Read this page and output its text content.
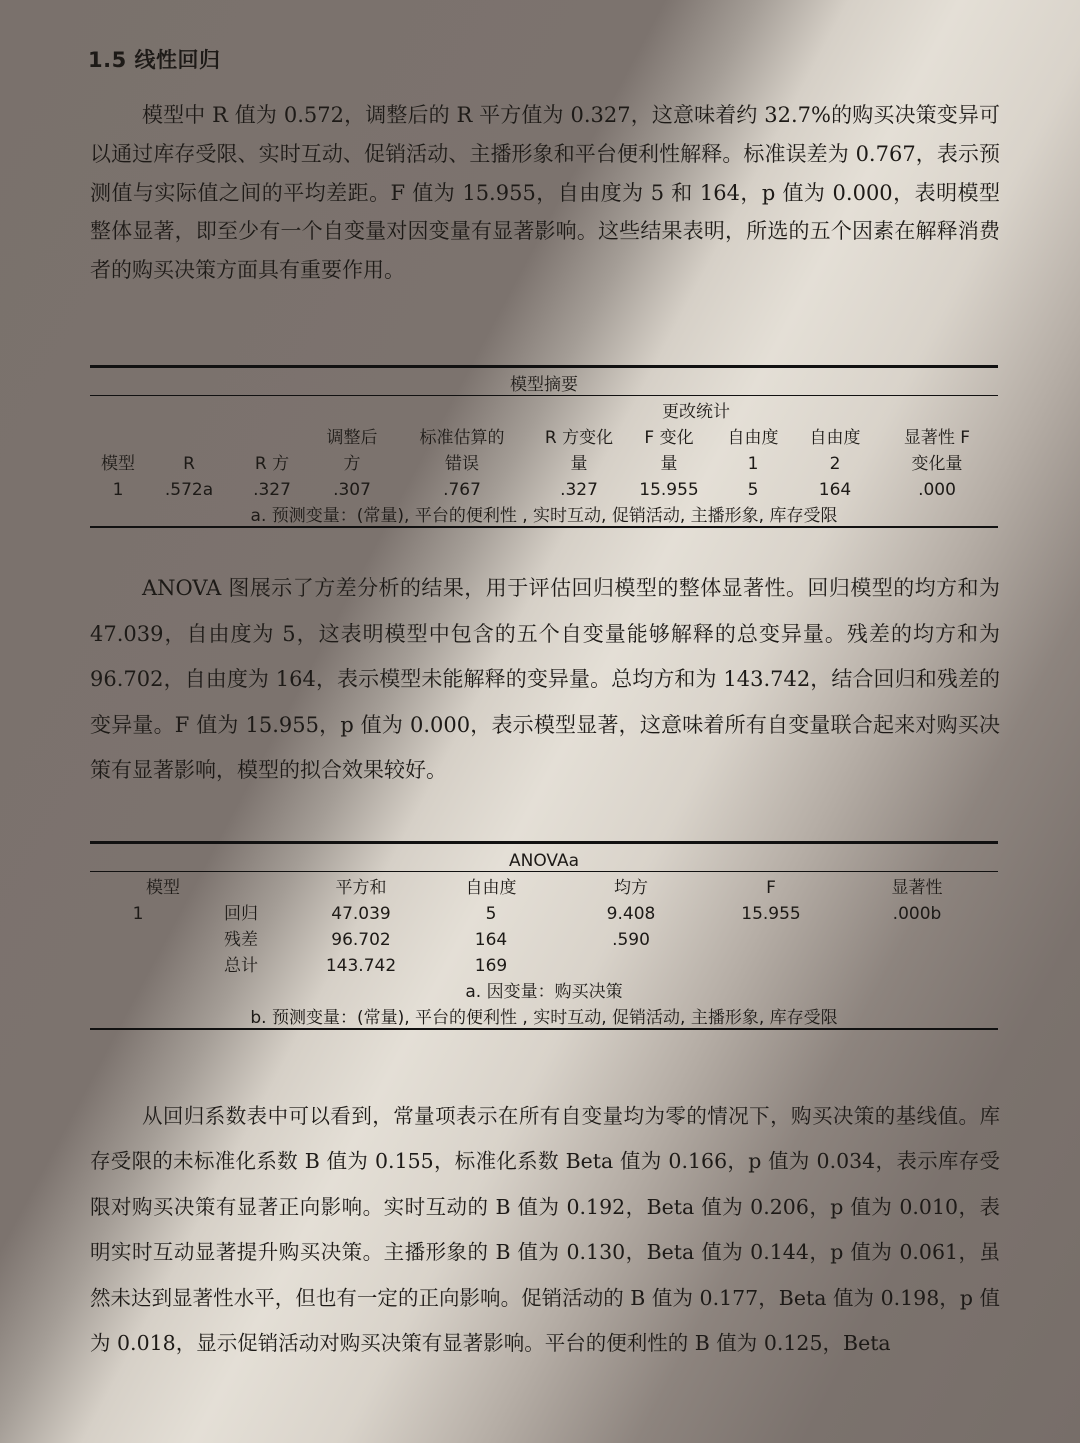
1.5 线性回归

模型中 R 值为 0.572，调整后的 R 平方值为 0.327，这意味着约 32.7%的购买决策变异可以通过库存受限、实时互动、促销活动、主播形象和平台便利性解释。标准误差为 0.767，表示预测值与实际值之间的平均差距。F 值为 15.955，自由度为 5 和 164，p 值为 0.000，表明模型整体显著，即至少有一个自变量对因变量有显著影响。这些结果表明，所选的五个因素在解释消费者的购买决策方面具有重要作用。

模型摘要									
					更改统计				
			调整后	标准估算的	R 方变化	F 变化	自由度	自由度	显著性 F
模型	R	R 方	方	错误	量	量	1	2	变化量
1	.572a	.327	.307	.767	.327	15.955	5	164	.000
a. 预测变量：(常量), 平台的便利性 , 实时互动, 促销活动, 主播形象, 库存受限									

ANOVA 图展示了方差分析的结果，用于评估回归模型的整体显著性。回归模型的均方和为 47.039，自由度为 5，这表明模型中包含的五个自变量能够解释的总变异量。残差的均方和为 96.702，自由度为 164，表示模型未能解释的变异量。总均方和为 143.742，结合回归和残差的变异量。F 值为 15.955，p 值为 0.000，表示模型显著，这意味着所有自变量联合起来对购买决策有显著影响，模型的拟合效果较好。

ANOVAa						
模型		平方和	自由度	均方	F	显著性
1	回归	47.039	5	9.408	15.955	.000b
	残差	96.702	164	.590		
	总计	143.742	169			
a. 因变量：购买决策						
b. 预测变量：(常量), 平台的便利性 , 实时互动, 促销活动, 主播形象, 库存受限						

从回归系数表中可以看到，常量项表示在所有自变量均为零的情况下，购买决策的基线值。库存受限的未标准化系数 B 值为 0.155，标准化系数 Beta 值为 0.166，p 值为 0.034，表示库存受限对购买决策有显著正向影响。实时互动的 B 值为 0.192，Beta 值为 0.206，p 值为 0.010，表明实时互动显著提升购买决策。主播形象的 B 值为 0.130，Beta 值为 0.144，p 值为 0.061，虽然未达到显著性水平，但也有一定的正向影响。促销活动的 B 值为 0.177，Beta 值为 0.198，p 值为 0.018，显示促销活动对购买决策有显著影响。平台的便利性的 B 值为 0.125，Beta
